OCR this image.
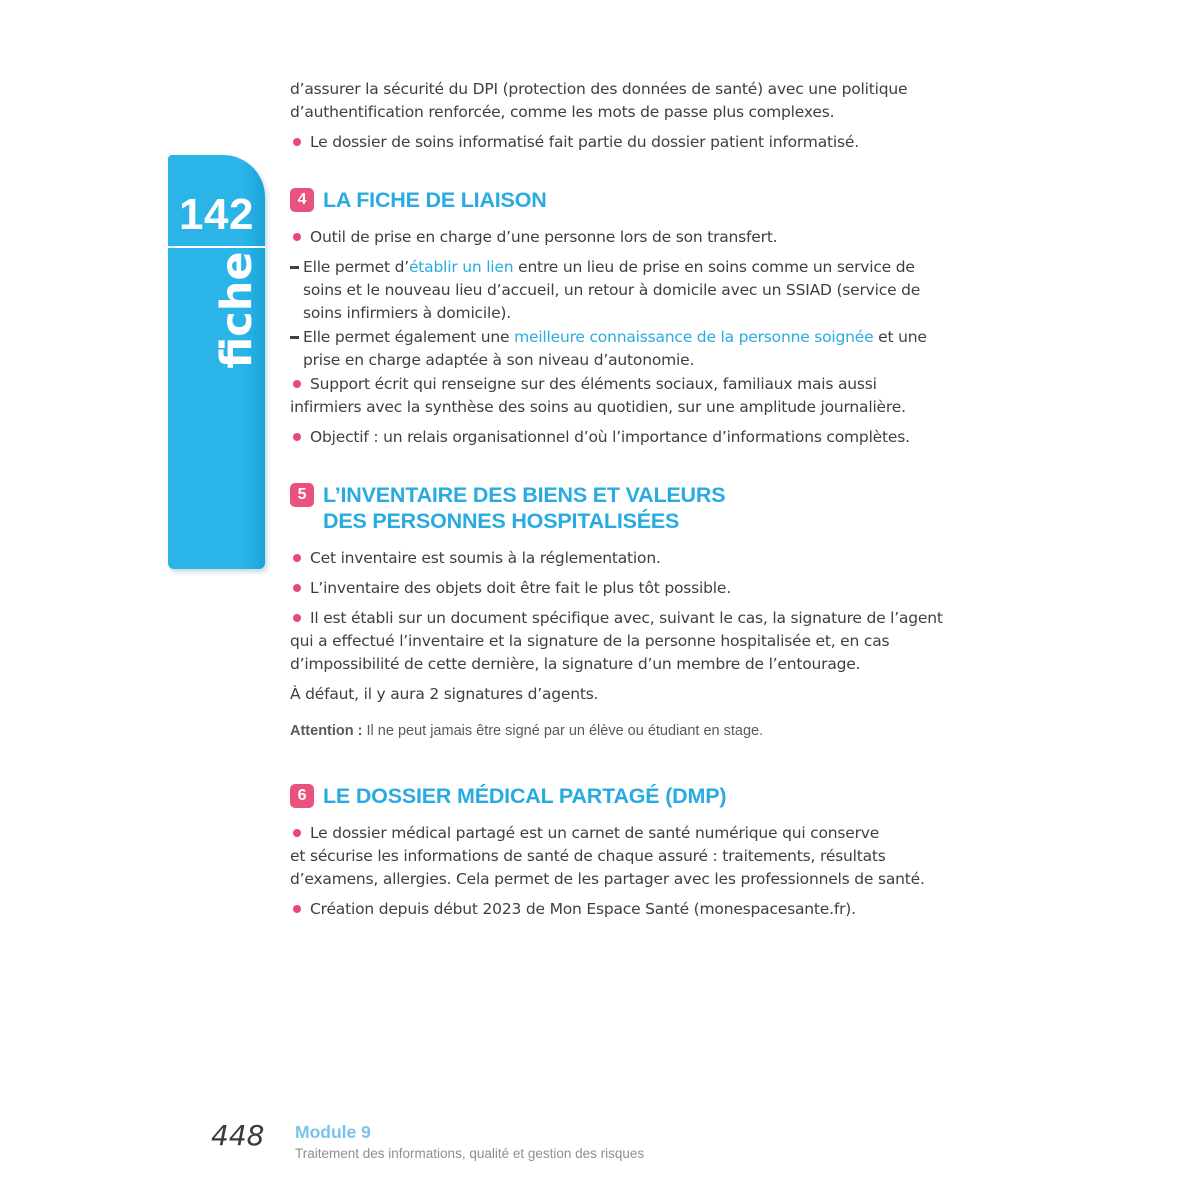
142
fiche
d’assurer la sécurité du DPI (protection des données de santé) avec une politique
d’authentification renforcée, comme les mots de passe plus complexes.
Le dossier de soins informatisé fait partie du dossier patient informatisé.
4 LA FICHE DE LIAISON
Outil de prise en charge d’une personne lors de son transfert.
Elle permet d’établir un lien entre un lieu de prise en soins comme un service de
soins et le nouveau lieu d’accueil, un retour à domicile avec un SSIAD (service de
soins infirmiers à domicile).
Elle permet également une meilleure connaissance de la personne soignée et une
prise en charge adaptée à son niveau d’autonomie.
Support écrit qui renseigne sur des éléments sociaux, familiaux mais aussi
infirmiers avec la synthèse des soins au quotidien, sur une amplitude journalière.
Objectif : un relais organisationnel d’où l’importance d’informations complètes.
5 L’INVENTAIRE DES BIENS ET VALEURS
DES PERSONNES HOSPITALISÉES
Cet inventaire est soumis à la réglementation.
L’inventaire des objets doit être fait le plus tôt possible.
Il est établi sur un document spécifique avec, suivant le cas, la signature de l’agent
qui a effectué l’inventaire et la signature de la personne hospitalisée et, en cas
d’impossibilité de cette dernière, la signature d’un membre de l’entourage.
À défaut, il y aura 2 signatures d’agents.
Attention : Il ne peut jamais être signé par un élève ou étudiant en stage.
6 LE DOSSIER MÉDICAL PARTAGÉ (DMP)
Le dossier médical partagé est un carnet de santé numérique qui conserve
et sécurise les informations de santé de chaque assuré : traitements, résultats
d’examens, allergies. Cela permet de les partager avec les professionnels de santé.
Création depuis début 2023 de Mon Espace Santé (monespacesante.fr).
448 Module 9
Traitement des informations, qualité et gestion des risques
